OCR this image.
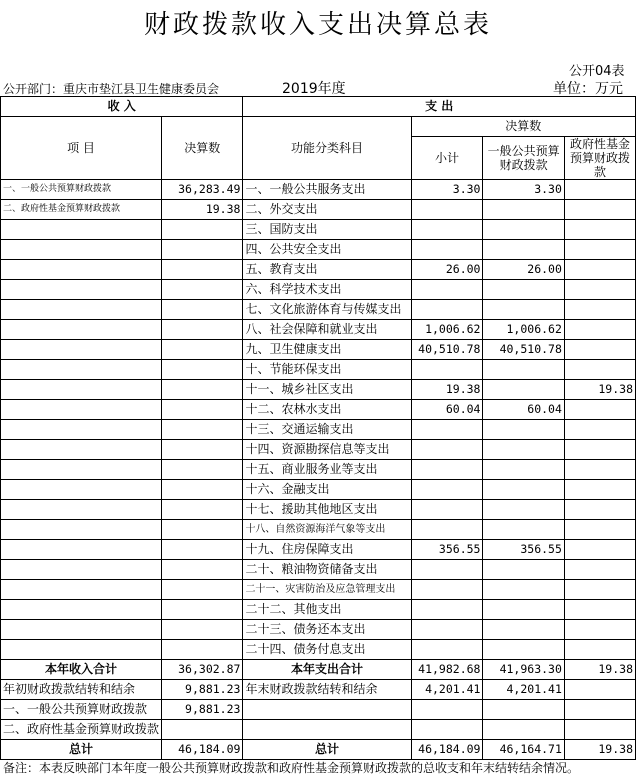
财政拨款收入支出决算总表
公开04表
公开部门：重庆市垫江县卫生健康委员会	2019年度	单位：万元
收 入		支 出			
项 目	决算数	功能分类科目	决算数		
			小计	一般公共预算财政拨款	政府性基金预算财政拨款

一、一般公共预算财政拨款	36,283.49	一、一般公共服务支出	3.30	3.30	
二、政府性基金预算财政拨款	19.38	二、外交支出			
		三、国防支出			
		四、公共安全支出			
		五、教育支出	26.00	26.00	
		六、科学技术支出			
		七、文化旅游体育与传媒支出			
		八、社会保障和就业支出	1,006.62	1,006.62	
		九、卫生健康支出	40,510.78	40,510.78	
		十、节能环保支出			
		十一、城乡社区支出	19.38		19.38
		十二、农林水支出	60.04	60.04	
		十三、交通运输支出			
		十四、资源勘探信息等支出			
		十五、商业服务业等支出			
		十六、金融支出			
		十七、援助其他地区支出			
		十八、自然资源海洋气象等支出			
		十九、住房保障支出	356.55	356.55	
		二十、粮油物资储备支出			
		二十一、灾害防治及应急管理支出			
		二十二、其他支出			
		二十三、债务还本支出			
		二十四、债务付息支出			
本年收入合计	36,302.87	本年支出合计	41,982.68	41,963.30	19.38
年初财政拨款结转和结余	9,881.23	年末财政拨款结转和结余	4,201.41	4,201.41	
一、一般公共预算财政拨款	9,881.23				
二、政府性基金预算财政拨款					
总计	46,184.09	总计	46,184.09	46,164.71	19.38
备注：本表反映部门本年度一般公共预算财政拨款和政府性基金预算财政拨款的总收支和年末结转结余情况。
